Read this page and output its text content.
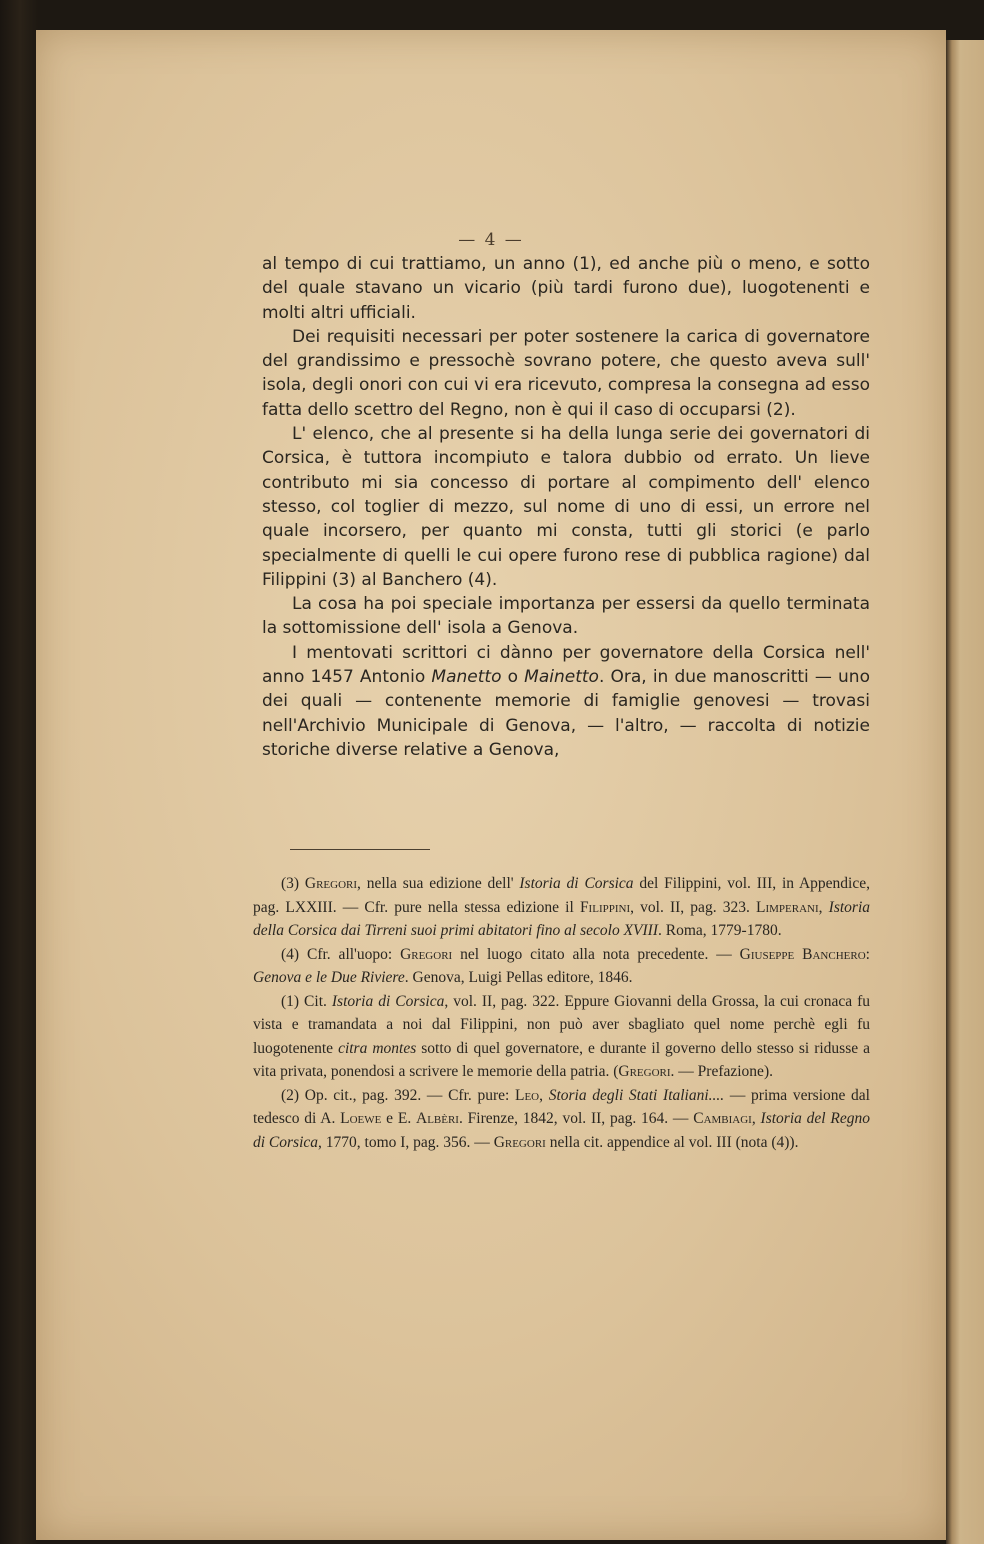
— 4 —

al tempo di cui trattiamo, un anno (1), ed anche più o meno, e sotto del quale stavano un vicario (più tardi furono due), luogotenenti e molti altri ufficiali.

Dei requisiti necessari per poter sostenere la carica di governatore del grandissimo e pressochè sovrano potere, che questo aveva sull' isola, degli onori con cui vi era ricevuto, compresa la consegna ad esso fatta dello scettro del Regno, non è qui il caso di occuparsi (2).

L' elenco, che al presente si ha della lunga serie dei governatori di Corsica, è tuttora incompiuto e talora dubbio od errato. Un lieve contributo mi sia concesso di portare al compimento dell' elenco stesso, col toglier di mezzo, sul nome di uno di essi, un errore nel quale incorsero, per quanto mi consta, tutti gli storici (e parlo specialmente di quelli le cui opere furono rese di pubblica ragione) dal Filippini (3) al Banchero (4).

La cosa ha poi speciale importanza per essersi da quello terminata la sottomissione dell' isola a Genova.

I mentovati scrittori ci dànno per governatore della Corsica nell' anno 1457 Antonio Manetto o Mainetto. Ora, in due manoscritti — uno dei quali — contenente memorie di famiglie genovesi — trovasi nell'Archivio Municipale di Genova, — l'altro, — raccolta di notizie storiche diverse relative a Genova,

(3) Gregori, nella sua edizione dell' Istoria di Corsica del Filippini, vol. III, in Appendice, pag. LXXIII. — Cfr. pure nella stessa edizione il Filippini, vol. II, pag. 323. Limperani, Istoria della Corsica dai Tirreni suoi primi abitatori fino al secolo XVIII. Roma, 1779-1780.

(4) Cfr. all'uopo: Gregori nel luogo citato alla nota precedente. — Giuseppe Banchero: Genova e le Due Riviere. Genova, Luigi Pellas editore, 1846.

(1) Cit. Istoria di Corsica, vol. II, pag. 322. Eppure Giovanni della Grossa, la cui cronaca fu vista e tramandata a noi dal Filippini, non può aver sbagliato quel nome perchè egli fu luogotenente citra montes sotto di quel governatore, e durante il governo dello stesso si ridusse a vita privata, ponendosi a scrivere le memorie della patria. (Gregori. — Prefazione).

(2) Op. cit., pag. 392. — Cfr. pure: Leo, Storia degli Stati Italiani.... — prima versione dal tedesco di A. Loewe e E. Albèri. Firenze, 1842, vol. II, pag. 164. — Cambiagi, Istoria del Regno di Corsica, 1770, tomo I, pag. 356. — Gregori nella cit. appendice al vol. III (nota (4)).
